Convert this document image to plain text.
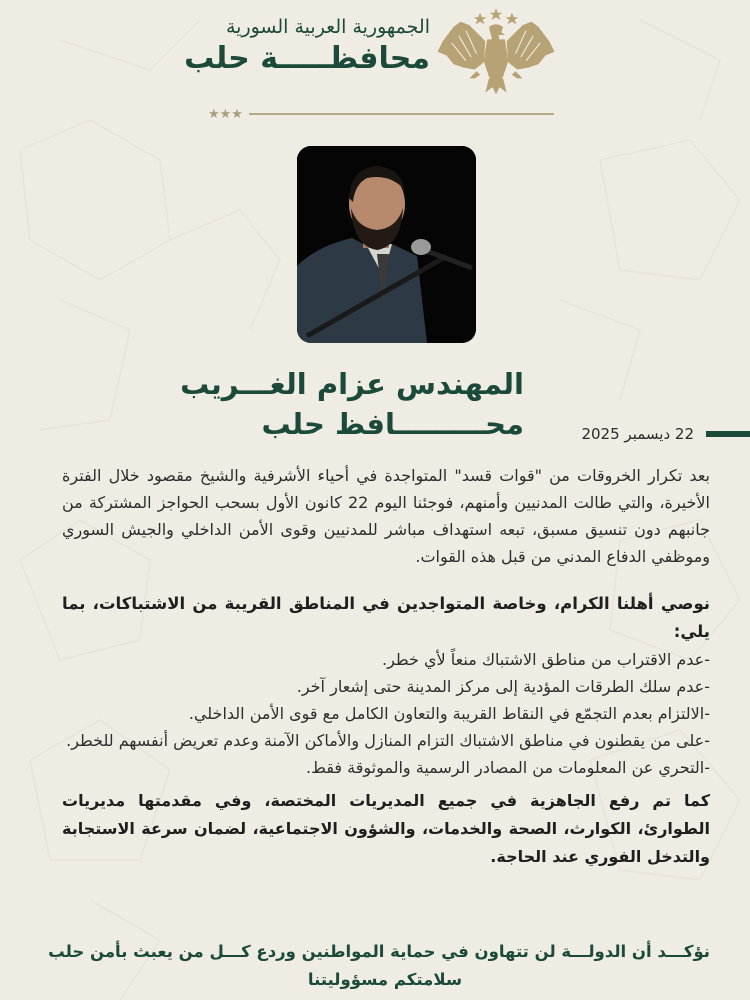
الجمهورية العربية السورية
محافظـــــة حلب
★★★
المهندس عزام الغـــريب
محـــــــــافظ حلب	22 ديسمبر 2025

بعد تكرار الخروقات من "قوات قسد" المتواجدة في أحياء الأشرفية والشيخ مقصود خلال الفترة الأخيرة، والتي طالت المدنيين وأمنهم، فوجئنا اليوم 22 كانون الأول بسحب الحواجز المشتركة من جانبهم دون تنسيق مسبق، تبعه استهداف مباشر للمدنيين وقوى الأمن الداخلي والجيش السوري وموظفي الدفاع المدني من قبل هذه القوات.

نوصي أهلنا الكرام، وخاصة المتواجدين في المناطق القريبة من الاشتباكات، بما يلي:

-عدم الاقتراب من مناطق الاشتباك منعاً لأي خطر.
-عدم سلك الطرقات المؤدية إلى مركز المدينة حتى إشعار آخر.
-الالتزام بعدم التجمّع في النقاط القريبة والتعاون الكامل مع قوى الأمن الداخلي.
-على من يقطنون في مناطق الاشتباك التزام المنازل والأماكن الآمنة وعدم تعريض أنفسهم للخطر.
-التحري عن المعلومات من المصادر الرسمية والموثوقة فقط.

كما تم رفع الجاهزية في جميع المديريات المختصة، وفي مقدمتها مديريات الطوارئ، الكوارث، الصحة والخدمات، والشؤون الاجتماعية، لضمان سرعة الاستجابة والتدخل الفوري عند الحاجة.

نؤكـــد أن الدولـــة لن تتهاون في حماية المواطنين وردع كـــل من يعبث بأمن حلب
سلامتكم مسؤوليتنا
